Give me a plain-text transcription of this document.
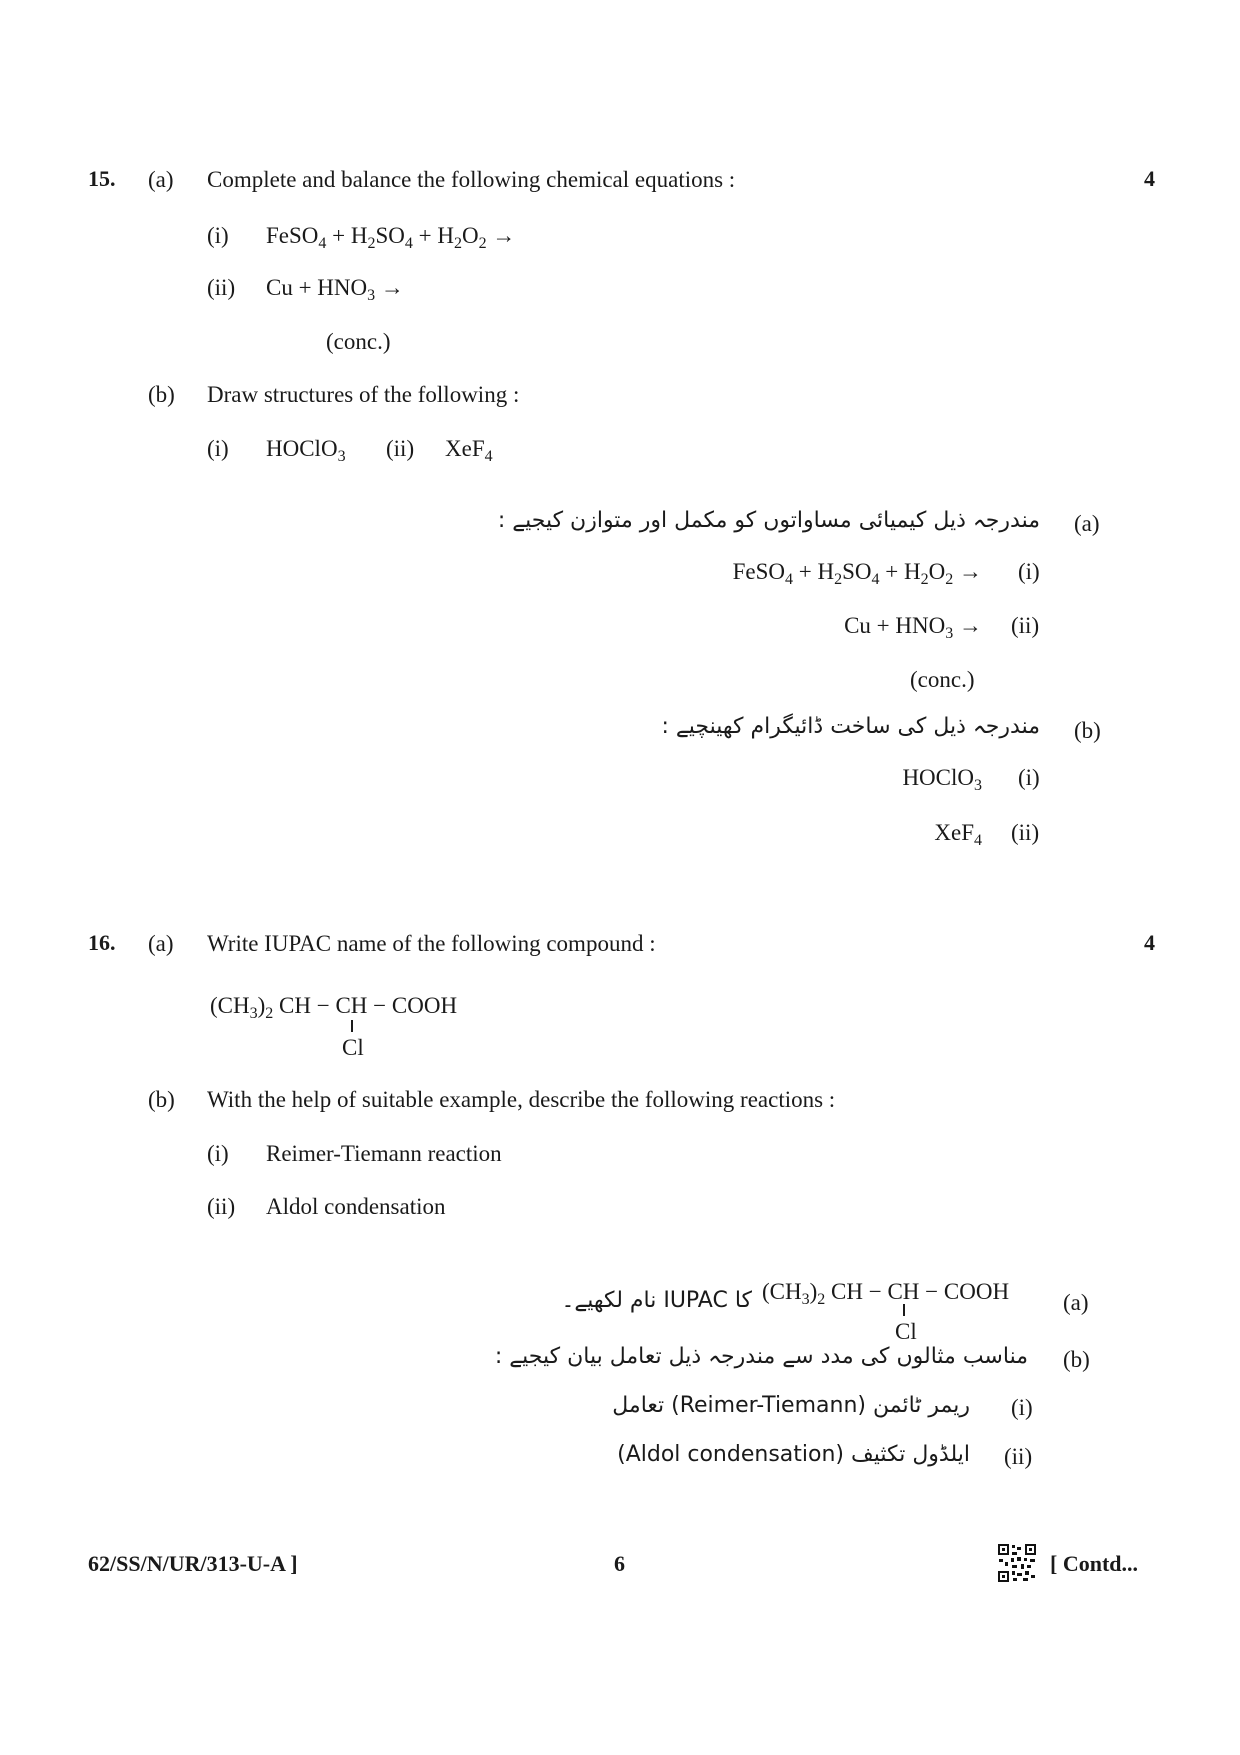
15. (a) Complete and balance the following chemical equations :	4
(i) FeSO$_4$ + $H_2SO_4 + H_2O_2$ →
(ii) $Cu + HNO_3$ →
(conc.)
(b) Draw structures of the following :
(i) HOClO$_3$ (ii) XeF$_4$
(a)
مندرجہ ذیل کیمیائی مساواتوں کو مکمل اور متوازن کیجیے :
(i)
FeSO$_4$ + $H_2SO_4 + H_2O_2$ →
(ii)
$Cu + HNO_3$ →
(conc.)
(b)
مندرجہ ذیل کی ساخت ڈائیگرام کھینچیے :
(i)
HOClO$_3$
(ii)
XeF$_4$
16. (a) Write IUPAC name of the following compound :	4
$(CH_3)_2$ CH − CH − COOH
Cl
(b) With the help of suitable example, describe the following reactions :
(i) Reimer-Tiemann reaction
(ii) Aldol condensation
(a)
$(CH_3)_2$ CH − CH − COOH
Cl
کا IUPAC نام لکھیے۔
(b)
مناسب مثالوں کی مدد سے مندرجہ ذیل تعامل بیان کیجیے :
(i)
ریمر ٹائمن (Reimer-Tiemann) تعامل
(ii)
ایلڈول تکثیف (Aldol condensation)
62/SS/N/UR/313-U-A ]	6	[ Contd...
